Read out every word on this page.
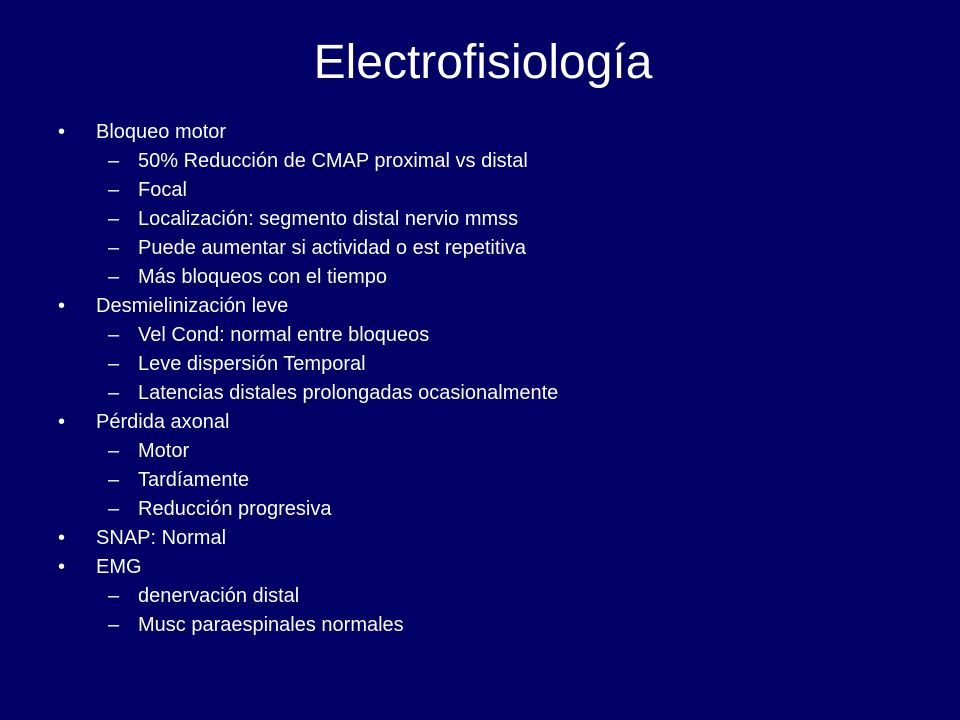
Electrofisiología
• Bloqueo motor
– 50% Reducción de CMAP proximal vs distal
– Focal
– Localización: segmento distal nervio mmss
– Puede aumentar si actividad o est repetitiva
– Más bloqueos con el tiempo
• Desmielinización leve
– Vel Cond: normal entre bloqueos
– Leve dispersión Temporal
– Latencias distales prolongadas ocasionalmente
• Pérdida axonal
– Motor
– Tardíamente
– Reducción progresiva
• SNAP: Normal
• EMG
– denervación distal
– Musc paraespinales normales
